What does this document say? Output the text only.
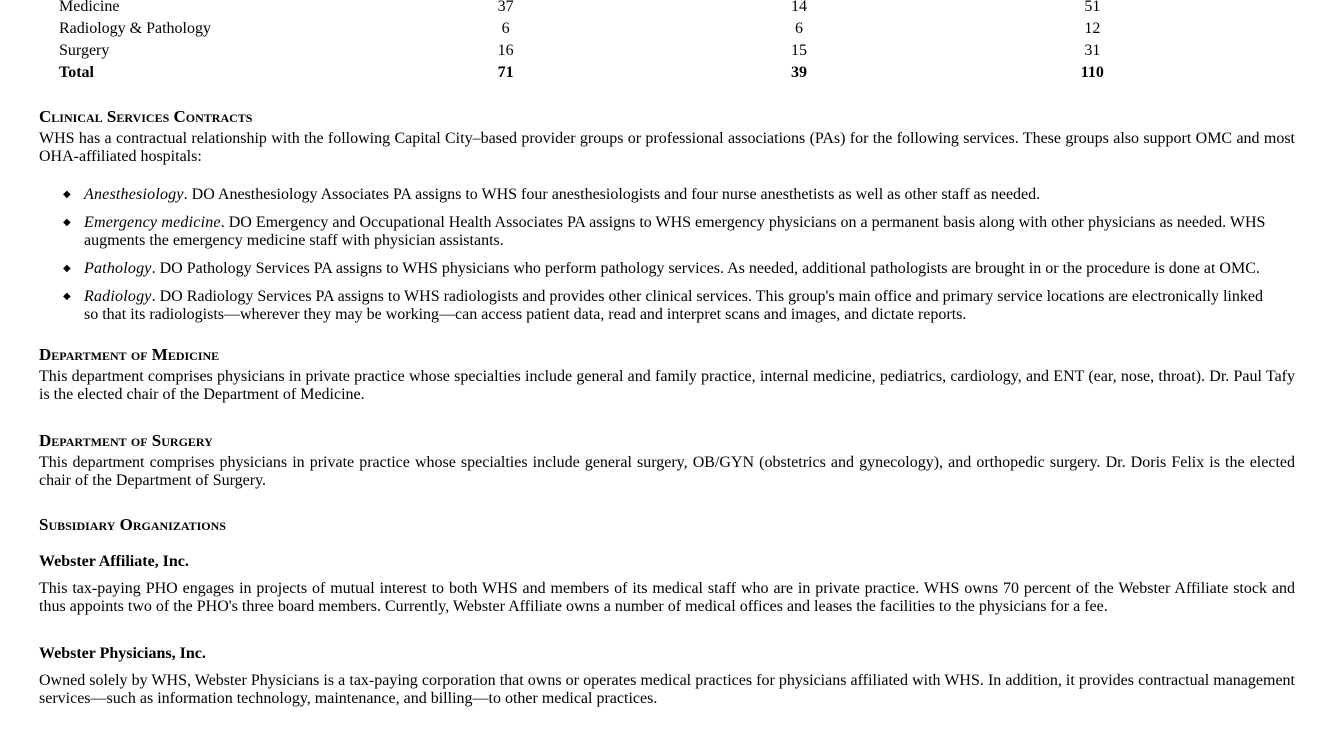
Medicine	37	14	51
Radiology & Pathology	6	6	12
Surgery	16	15	31
Total	71	39	110
Clinical Services Contracts

WHS has a contractual relationship with the following Capital City–based provider groups or professional associations (PAs) for the following services. These groups also support OMC and most OHA-affiliated hospitals:

◆ Anesthesiology. DO Anesthesiology Associates PA assigns to WHS four anesthesiologists and four nurse anesthetists as well as other staff as needed.
◆ Emergency medicine. DO Emergency and Occupational Health Associates PA assigns to WHS emergency physicians on a permanent basis along with other physicians as needed. WHS augments the emergency medicine staff with physician assistants.
◆ Pathology. DO Pathology Services PA assigns to WHS physicians who perform pathology services. As needed, additional pathologists are brought in or the procedure is done at OMC.
◆ Radiology. DO Radiology Services PA assigns to WHS radiologists and provides other clinical services. This group's main office and primary service locations are electronically linked so that its radiologists—wherever they may be working—can access patient data, read and interpret scans and images, and dictate reports.
Department of Medicine

This department comprises physicians in private practice whose specialties include general and family practice, internal medicine, pediatrics, cardiology, and ENT (ear, nose, throat). Dr. Paul Tafy is the elected chair of the Department of Medicine.

Department of Surgery

This department comprises physicians in private practice whose specialties include general surgery, OB/GYN (obstetrics and gynecology), and orthopedic surgery. Dr. Doris Felix is the elected chair of the Department of Surgery.

Subsidiary Organizations
Webster Affiliate, Inc.

This tax-paying PHO engages in projects of mutual interest to both WHS and members of its medical staff who are in private practice. WHS owns 70 percent of the Webster Affiliate stock and thus appoints two of the PHO's three board members. Currently, Webster Affiliate owns a number of medical offices and leases the facilities to the physicians for a fee.

Webster Physicians, Inc.

Owned solely by WHS, Webster Physicians is a tax-paying corporation that owns or operates medical practices for physicians affiliated with WHS. In addition, it provides contractual management services—such as information technology, maintenance, and billing—to other medical practices.
